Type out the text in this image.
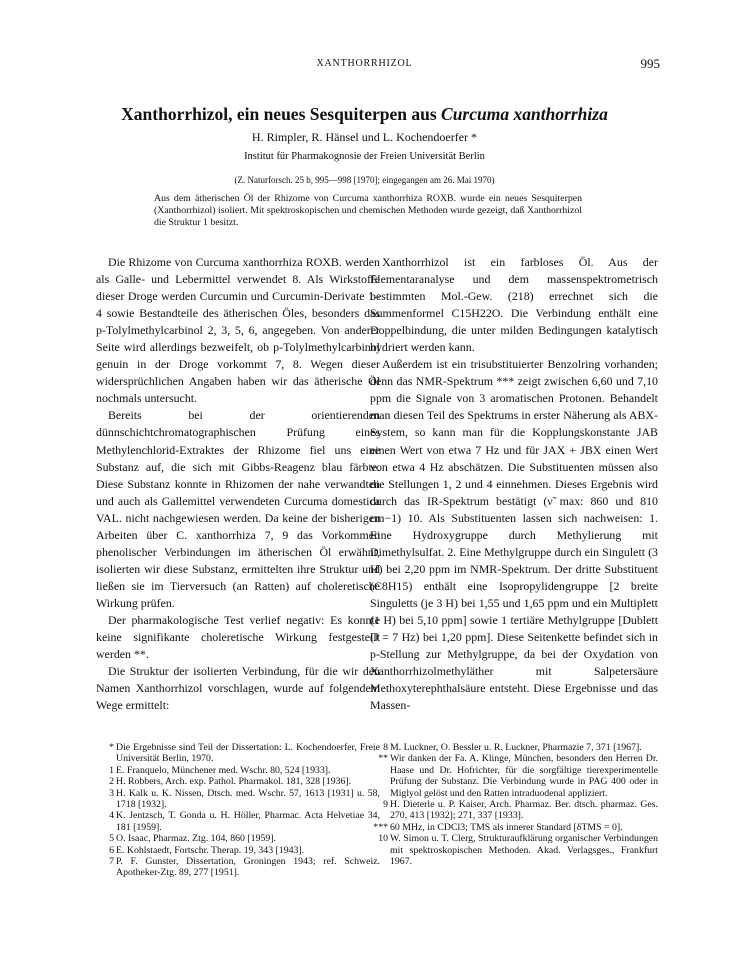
XANTHORRHIZOL	995
Xanthorrhizol, ein neues Sesquiterpen aus Curcuma xanthorrhiza
H. Rimpler, R. Hänsel und L. Kochendoerfer *
Institut für Pharmakognosie der Freien Universität Berlin
(Z. Naturforsch. 25 b, 995—998 [1970]; eingegangen am 26. Mai 1970)
Aus dem ätherischen Öl der Rhizome von Curcuma xanthorrhiza ROXB. wurde ein neues Sesquiterpen (Xanthorrhizol) isoliert. Mit spektroskopischen und chemischen Methoden wurde gezeigt, daß Xanthorrhizol die Struktur 1 besitzt.

Die Rhizome von Curcuma xanthorrhiza ROXB. werden als Galle- und Lebermittel verwendet 8. Als Wirkstoffe dieser Droge werden Curcumin und Curcumin-Derivate 1–4 sowie Bestandteile des ätherischen Öles, besonders das p-Tolylmethylcarbinol 2, 3, 5, 6, angegeben. Von anderer Seite wird allerdings bezweifelt, ob p-Tolylmethylcarbinol genuin in der Droge vorkommt 7, 8. Wegen dieser widersprüchlichen Angaben haben wir das ätherische Öl nochmals untersucht.

Bereits bei der orientierenden dünnschichtchromatographischen Prüfung eines Methylenchlorid-Extraktes der Rhizome fiel uns eine Substanz auf, die sich mit Gibbs-Reagenz blau färbte. Diese Substanz konnte in Rhizomen der nahe verwandten und auch als Gallemittel verwendeten Curcuma domestica VAL. nicht nachgewiesen werden. Da keine der bisherigen Arbeiten über C. xanthorrhiza 7, 9 das Vorkommen phenolischer Verbindungen im ätherischen Öl erwähnt, isolierten wir diese Substanz, ermittelten ihre Struktur und ließen sie im Tierversuch (an Ratten) auf choleretische Wirkung prüfen.

Der pharmakologische Test verlief negativ: Es konnte keine signifikante choleretische Wirkung festgestellt werden **.

Die Struktur der isolierten Verbindung, für die wir den Namen Xanthorrhizol vorschlagen, wurde auf folgendem Wege ermittelt:

Xanthorrhizol ist ein farbloses Öl. Aus der Elementaranalyse und dem massenspektrometrisch bestimmten Mol.-Gew. (218) errechnet sich die Summenformel C15H22O. Die Verbindung enthält eine Doppelbindung, die unter milden Bedingungen katalytisch hydriert werden kann.

Außerdem ist ein trisubstituierter Benzolring vorhanden; denn das NMR-Spektrum *** zeigt zwischen 6,60 und 7,10 ppm die Signale von 3 aromatischen Protonen. Behandelt man diesen Teil des Spektrums in erster Näherung als ABX-System, so kann man für die Kopplungskonstante JAB einen Wert von etwa 7 Hz und für JAX + JBX einen Wert von etwa 4 Hz abschätzen. Die Substituenten müssen also die Stellungen 1, 2 und 4 einnehmen. Dieses Ergebnis wird durch das IR-Spektrum bestätigt (ν̃ max: 860 und 810 cm−1) 10. Als Substituenten lassen sich nachweisen: 1. Eine Hydroxygruppe durch Methylierung mit Dimethylsulfat. 2. Eine Methylgruppe durch ein Singulett (3 H) bei 2,20 ppm im NMR-Spektrum. Der dritte Substituent (C8H15) enthält eine Isopropylidengruppe [2 breite Singuletts (je 3 H) bei 1,55 und 1,65 ppm und ein Multiplett (1 H) bei 5,10 ppm] sowie 1 tertiäre Methylgruppe [Dublett (J = 7 Hz) bei 1,20 ppm]. Diese Seitenkette befindet sich in p-Stellung zur Methylgruppe, da bei der Oxydation von Xanthorrhizolmethyläther mit Salpetersäure Methoxyterephthalsäure entsteht. Diese Ergebnisse und das Massen-

* Die Ergebnisse sind Teil der Dissertation: L. Kochendoerfer, Freie Universität Berlin, 1970.
1 E. Franquelo, Münchener med. Wschr. 80, 524 [1933].
2 H. Robbers, Arch. exp. Pathol. Pharmakol. 181, 328 [1936].
3 H. Kalk u. K. Nissen, Dtsch. med. Wschr. 57, 1613 [1931] u. 58, 1718 [1932].
4 K. Jentzsch, T. Gonda u. H. Höller, Pharmac. Acta Helvetiae 34, 181 [1959].
5 O. Isaac, Pharmaz. Ztg. 104, 860 [1959].
6 E. Kohlstaedt, Fortschr. Therap. 19, 343 [1943].
7 P. F. Gunster, Dissertation, Groningen 1943; ref. Schweiz. Apotheker-Ztg. 89, 277 [1951].
8 M. Luckner, O. Bessler u. R. Luckner, Pharmazie 7, 371 [1967].
** Wir danken der Fa. A. Klinge, München, besonders den Herren Dr. Haase und Dr. Hofrichter, für die sorgfältige tierexperimentelle Prüfung der Substanz. Die Verbindung wurde in PAG 400 oder in Miglyol gelöst und den Ratten intraduodenal appliziert.
9 H. Dieterle u. P. Kaiser, Arch. Pharmaz. Ber. dtsch. pharmaz. Ges. 270, 413 [1932]; 271, 337 [1933].
*** 60 MHz, in CDCl3; TMS als innerer Standard [δTMS = 0].
10 W. Simon u. T. Clerg, Strukturaufklärung organischer Verbindungen mit spektroskopischen Methoden. Akad. Verlagsges., Frankfurt 1967.
